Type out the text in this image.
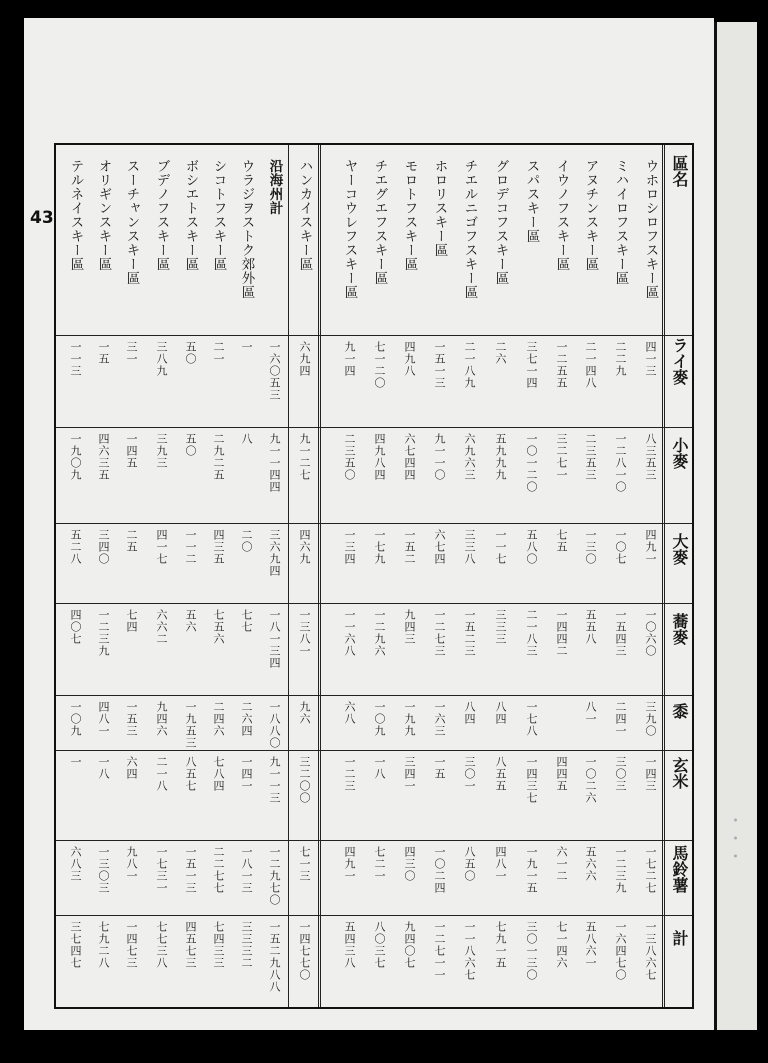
43
區名
ライ麥
小麥
大麥
蕎麥
黍
玄米
馬鈴薯
計
ウホロシロフスキー區
四一三
八三五三
四九一
一〇六〇
三九〇
一四三
一七二七
一三八六七
ミハイロフスキー區
二二九
一二八一〇
一〇七
一五四三
二四一
三〇三
一二三九
一六四七〇
アヌチンスキー區
二一四八
二三五三
一三〇
五五八
八一
一〇二六
五六六
五八六一
イウノフスキー區
一二五五
三二七一
七五
一四四二
四四五
六一二
七一四六
スパスキー區
三七一四
一〇一二〇
五八〇
二一八三
一七八
一四三七
一九一五
三〇一三〇
グロデコフスキー區
二六
五九九九
一一七
三三三
八四
八五五
四八一
七九一五
チエルニゴフスキー區
二一八九
六九六三
三三八
一五二三
八四
三〇一
八五〇
一一八六七
ホロリスキー區
一五一三
九一一〇
六七四
一二七三
一六三
一五
一〇二四
一二七一一
モロトフスキー區
四九八
六七四四
一五二
九四三
一九九
三四一
四三〇
九四〇七
チエグエフスキー區
七一二〇
四九八四
一七九
一二九六
一〇九
一八
七二一
八〇三七
ヤーコウレフスキー區
九一四
二三五〇
一三四
一一六八
六八
一二三
四九一
五四三八
ハンカイスキー區
六九四
九一二七
四六九
一三八一
九六
三二〇〇
七一三
一四七七〇
沿海州計
一六〇五三
九一一四四
三六九四
一八一三四
一八八〇
九一一三
一二九七〇
一五二九八八
ウラジヲストク郊外區
一
八
二〇
七七
二六四
一四一
一八一三
三三三二
シコトフスキー區
二一
二九二五
四三五
七五六
二四六
七八四
二二七七
七四三三
ボシエトスキー區
五〇
五〇
一一二
五六
一九五三
八五七
一五一三
四五七三
ブデノフスキー區
三八九
三九三
四一七
六六二
九四六
二一八
一七三一
七七三八
スーチャンスキー區
三一
一四五
二五
七四
一五三
六四
九八一
一四七三
オリギンスキー區
一五
四六三五
三四〇
一二三九
四八一
一八
一三〇三
七九二八
テルネイスキー區
一一三
一九〇九
五二八
四〇七
一〇九
一
六八三
三七四七
・・・
